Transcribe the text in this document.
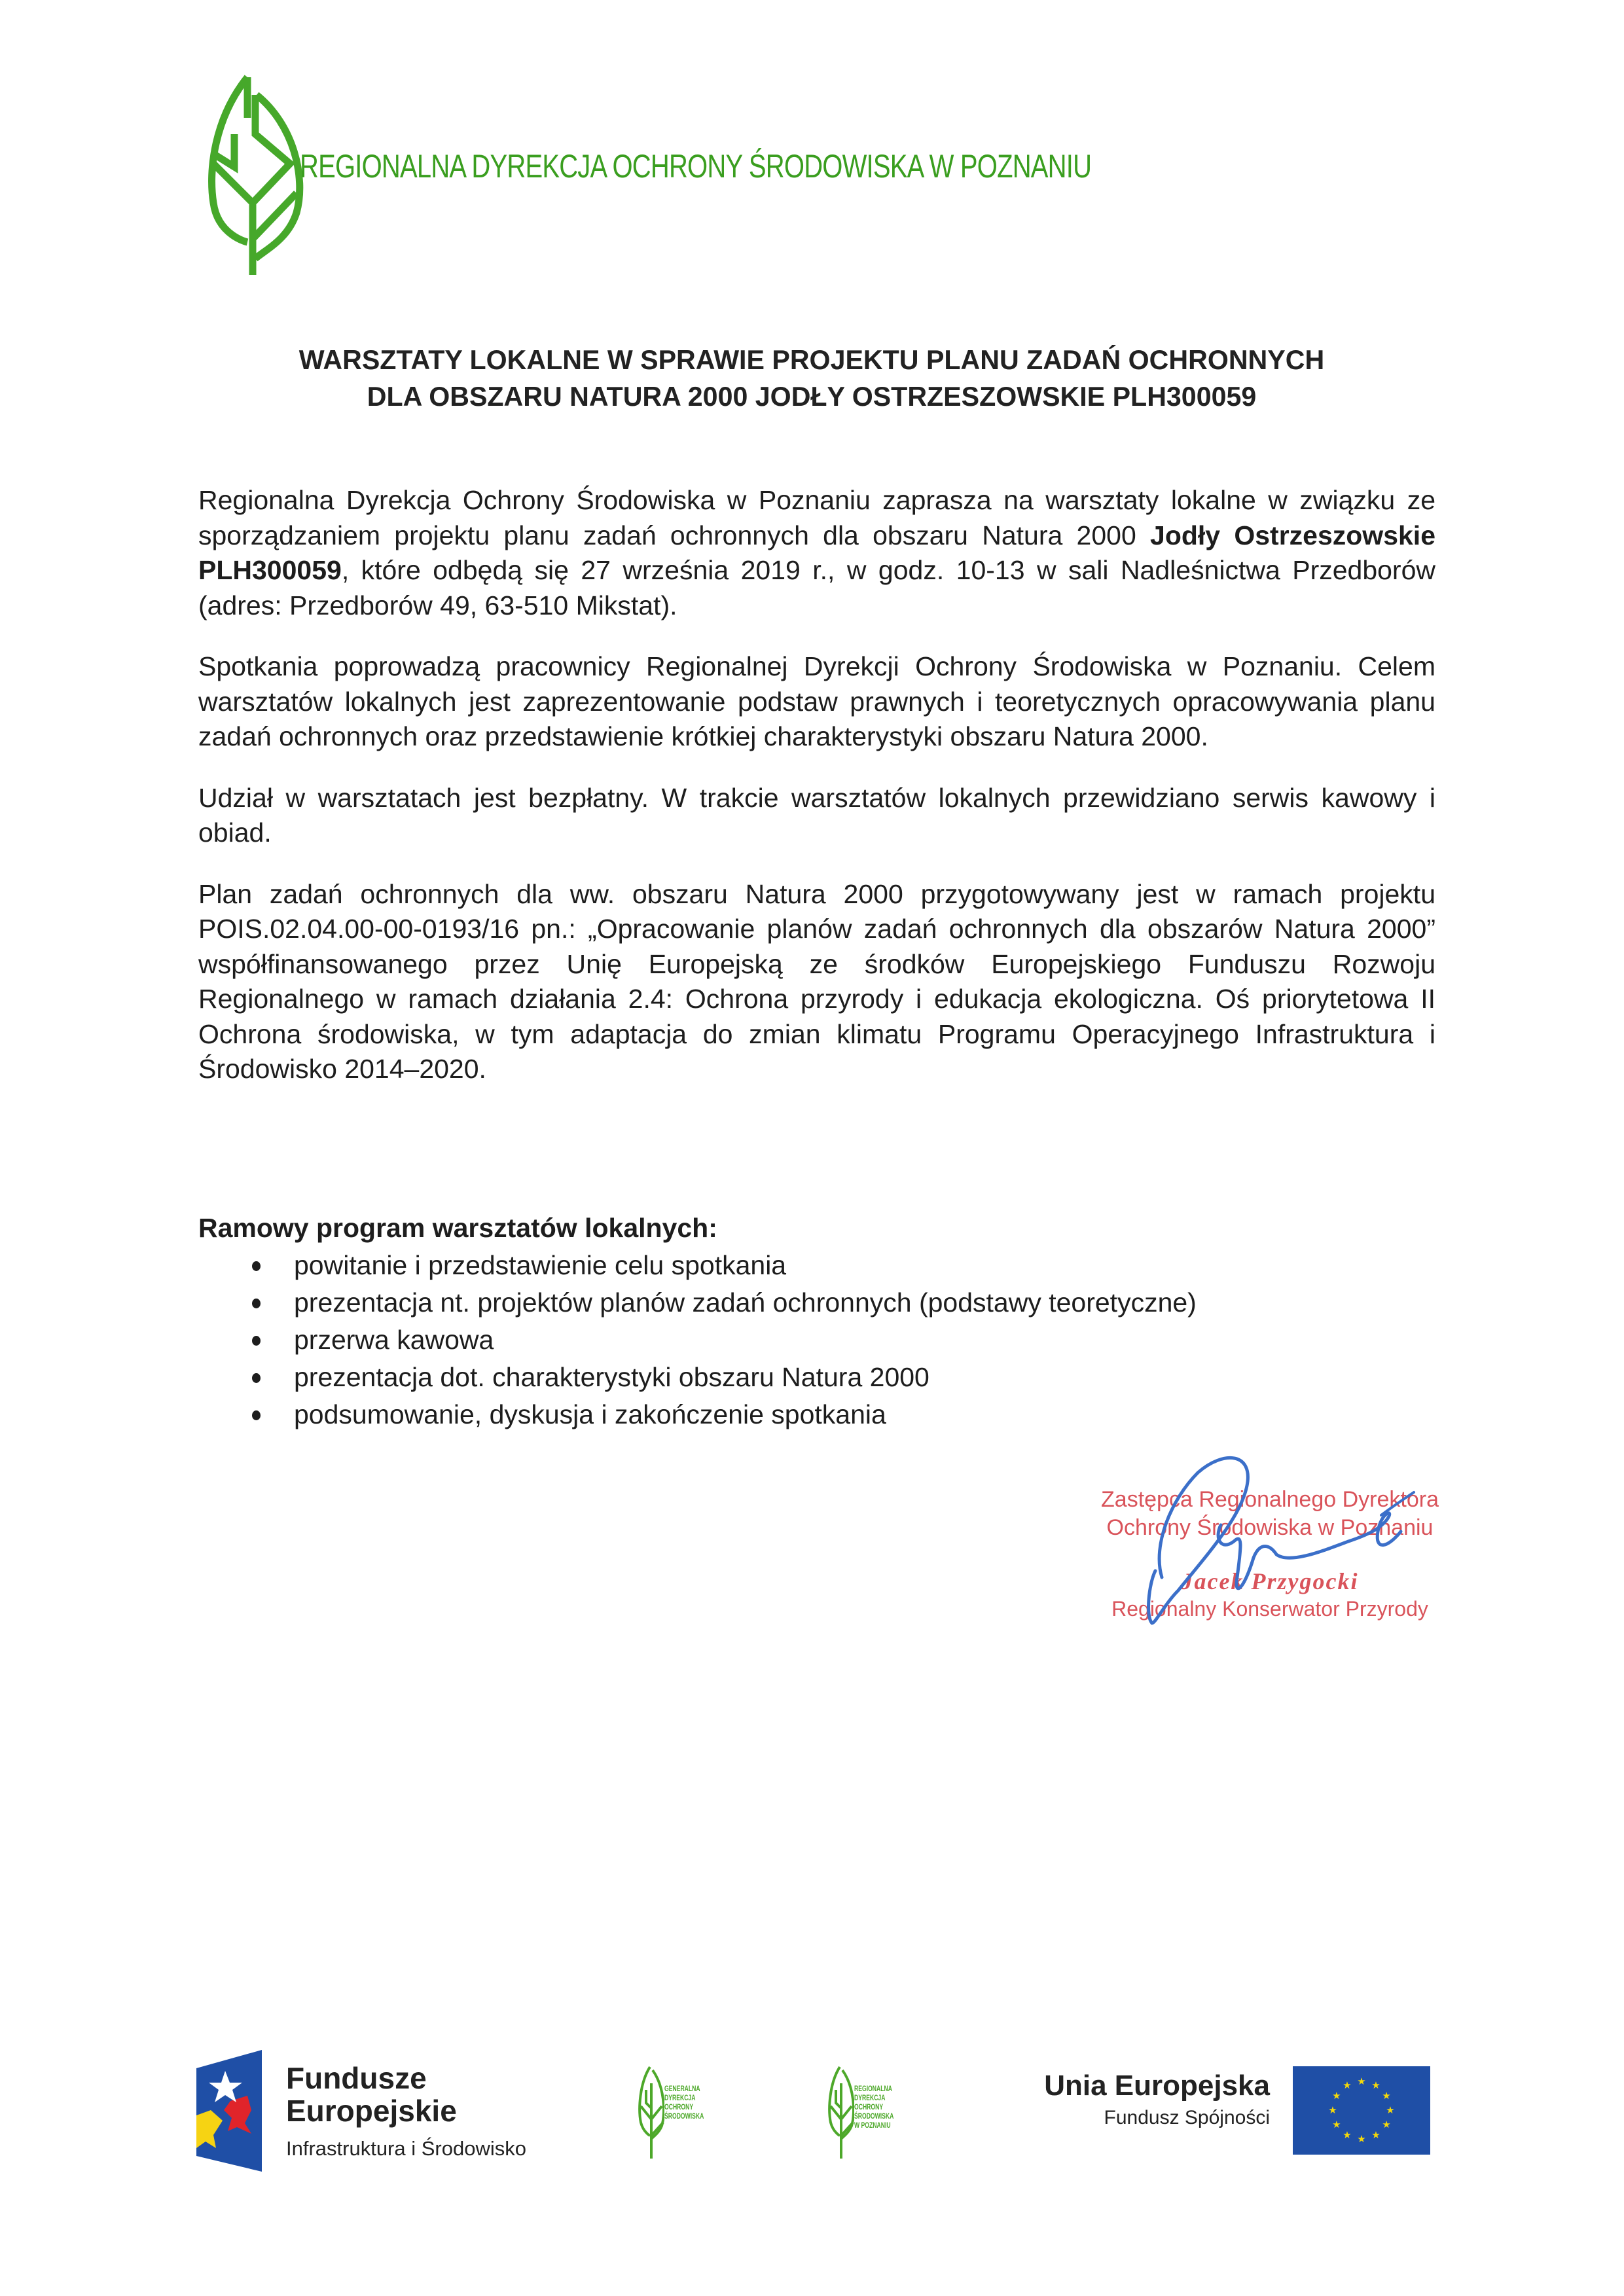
REGIONALNA DYREKCJA OCHRONY ŚRODOWISKA W POZNANIU
WARSZTATY LOKALNE W SPRAWIE PROJEKTU PLANU ZADAŃ OCHRONNYCH
DLA OBSZARU NATURA 2000 JODŁY OSTRZESZOWSKIE PLH300059

Regionalna Dyrekcja Ochrony Środowiska w Poznaniu zaprasza na warsztaty lokalne w związku ze sporządzaniem projektu planu zadań ochronnych dla obszaru Natura 2000 Jodły Ostrzeszowskie PLH300059, które odbędą się 27 września 2019 r., w godz. 10-13 w sali Nadleśnictwa Przedborów (adres: Przedborów 49, 63-510 Mikstat).

Spotkania poprowadzą pracownicy Regionalnej Dyrekcji Ochrony Środowiska w Poznaniu. Celem warsztatów lokalnych jest zaprezentowanie podstaw prawnych i teoretycznych opracowywania planu zadań ochronnych oraz przedstawienie krótkiej charakterystyki obszaru Natura 2000.

Udział w warsztatach jest bezpłatny. W trakcie warsztatów lokalnych przewidziano serwis kawowy i obiad.

Plan zadań ochronnych dla ww. obszaru Natura 2000 przygotowywany jest w ramach projektu POIS.02.04.00-00-0193/16 pn.: „Opracowanie planów zadań ochronnych dla obszarów Natura 2000” współfinansowanego przez Unię Europejską ze środków Europejskiego Funduszu Rozwoju Regionalnego w ramach działania 2.4: Ochrona przyrody i edukacja ekologiczna. Oś priorytetowa II Ochrona środowiska, w tym adaptacja do zmian klimatu Programu Operacyjnego Infrastruktura i Środowisko 2014–2020.

Ramowy program warsztatów lokalnych:
powitanie i przedstawienie celu spotkania
prezentacja nt. projektów planów zadań ochronnych (podstawy teoretyczne)
przerwa kawowa
prezentacja dot. charakterystyki obszaru Natura 2000
podsumowanie, dyskusja i zakończenie spotkania
Zastępca Regionalnego Dyrektora
Ochrony Środowiska w Poznaniu
Jacek Przygocki
Regionalny Konserwator Przyrody
Fundusze
Europejskie
Infrastruktura i Środowisko
GENERALNA
DYREKCJA
OCHRONY
ŚRODOWISKA
REGIONALNA
DYREKCJA
OCHRONY
ŚRODOWISKA
W POZNANIU
Unia Europejska
Fundusz Spójności
★ ★
★
★
★
★
★
★
★
★
★
★
